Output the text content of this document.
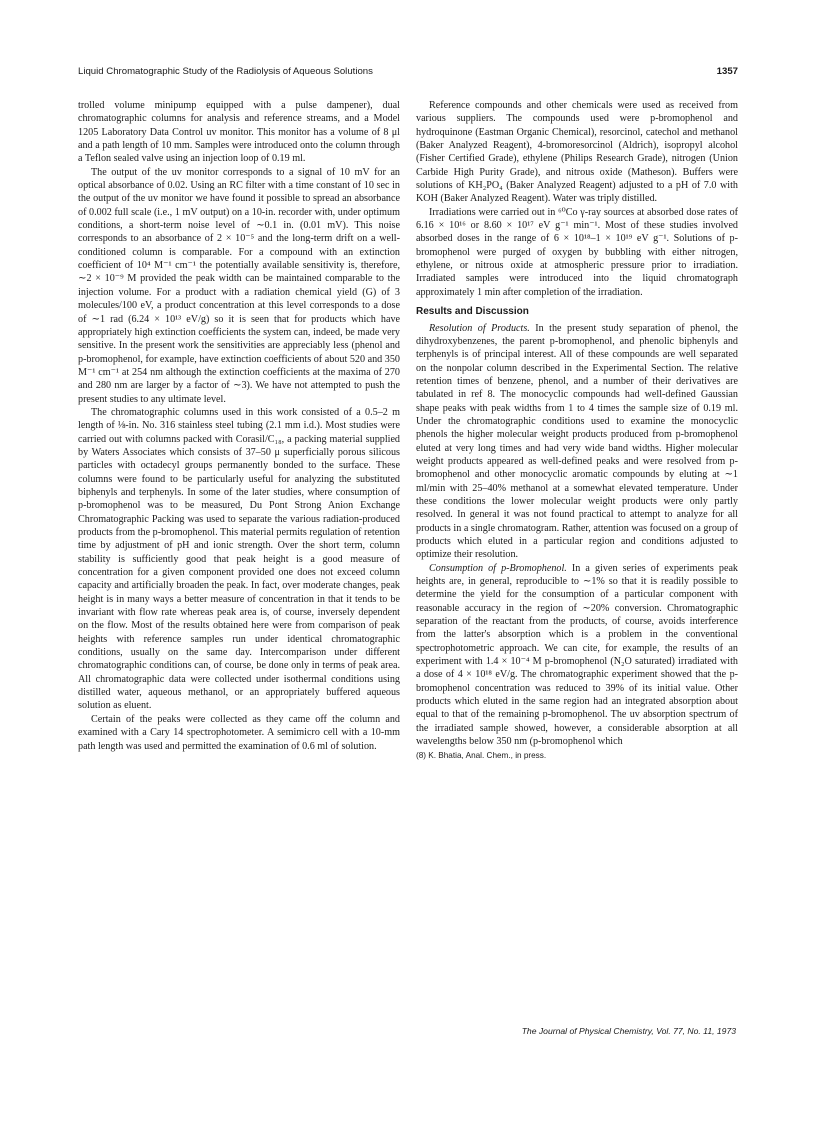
Liquid Chromatographic Study of the Radiolysis of Aqueous Solutions	1357

trolled volume minipump equipped with a pulse dampener), dual chromatographic columns for analysis and reference streams, and a Model 1205 Laboratory Data Control uv monitor. This monitor has a volume of 8 μl and a path length of 10 mm. Samples were introduced onto the column through a Teflon sealed valve using an injection loop of 0.19 ml.

The output of the uv monitor corresponds to a signal of 10 mV for an optical absorbance of 0.02. Using an RC filter with a time constant of 10 sec in the output of the uv monitor we have found it possible to spread an absorbance of 0.002 full scale (i.e., 1 mV output) on a 10-in. recorder with, under optimum conditions, a short-term noise level of ∼0.1 in. (0.01 mV). This noise corresponds to an absorbance of 2 × 10⁻⁵ and the long-term drift on a well-conditioned column is comparable. For a compound with an extinction coefficient of 10⁴ M⁻¹ cm⁻¹ the potentially available sensitivity is, therefore, ∼2 × 10⁻⁹ M provided the peak width can be maintained comparable to the injection volume. For a product with a radiation chemical yield (G) of 3 molecules/100 eV, a product concentration at this level corresponds to a dose of ∼1 rad (6.24 × 10¹³ eV/g) so it is seen that for products which have appropriately high extinction coefficients the system can, indeed, be made very sensitive. In the present work the sensitivities are appreciably less (phenol and p-bromophenol, for example, have extinction coefficients of about 520 and 350 M⁻¹ cm⁻¹ at 254 nm although the extinction coefficients at the maxima of 270 and 280 nm are larger by a factor of ∼3). We have not attempted to push the present studies to any ultimate level.

The chromatographic columns used in this work consisted of a 0.5–2 m length of ⅛-in. No. 316 stainless steel tubing (2.1 mm i.d.). Most studies were carried out with columns packed with Corasil/C₁₈, a packing material supplied by Waters Associates which consists of 37–50 μ superficially porous silicous particles with octadecyl groups permanently bonded to the surface. These columns were found to be particularly useful for analyzing the substituted biphenyls and terphenyls. In some of the later studies, where consumption of p-bromophenol was to be measured, Du Pont Strong Anion Exchange Chromatographic Packing was used to separate the various radiation-produced products from the p-bromophenol. This material permits regulation of retention time by adjustment of pH and ionic strength. Over the short term, column stability is sufficiently good that peak height is a good measure of concentration for a given component provided one does not exceed column capacity and artificially broaden the peak. In fact, over moderate changes, peak height is in many ways a better measure of concentration in that it tends to be invariant with flow rate whereas peak area is, of course, inversely dependent on the flow. Most of the results obtained here were from comparison of peak heights with reference samples run under identical chromatographic conditions, usually on the same day. Intercomparison under different chromatographic conditions can, of course, be done only in terms of peak area. All chromatographic data were collected under isothermal conditions using distilled water, aqueous methanol, or an appropriately buffered aqueous solution as eluent.

Certain of the peaks were collected as they came off the column and examined with a Cary 14 spectrophotometer. A semimicro cell with a 10-mm path length was used and permitted the examination of 0.6 ml of solution.

Reference compounds and other chemicals were used as received from various suppliers. The compounds used were p-bromophenol and hydroquinone (Eastman Organic Chemical), resorcinol, catechol and methanol (Baker Analyzed Reagent), 4-bromoresorcinol (Aldrich), isopropyl alcohol (Fisher Certified Grade), ethylene (Philips Research Grade), nitrogen (Union Carbide High Purity Grade), and nitrous oxide (Matheson). Buffers were solutions of KH₂PO₄ (Baker Analyzed Reagent) adjusted to a pH of 7.0 with KOH (Baker Analyzed Reagent). Water was triply distilled.

Irradiations were carried out in ⁶⁰Co γ-ray sources at absorbed dose rates of 6.16 × 10¹⁶ or 8.60 × 10¹⁷ eV g⁻¹ min⁻¹. Most of these studies involved absorbed doses in the range of 6 × 10¹⁸–1 × 10¹⁹ eV g⁻¹. Solutions of p-bromophenol were purged of oxygen by bubbling with either nitrogen, ethylene, or nitrous oxide at atmospheric pressure prior to irradiation. Irradiated samples were introduced into the liquid chromatograph approximately 1 min after completion of the irradiation.

Results and Discussion

Resolution of Products. In the present study separation of phenol, the dihydroxybenzenes, the parent p-bromophenol, and phenolic biphenyls and terphenyls is of principal interest. All of these compounds are well separated on the nonpolar column described in the Experimental Section. The relative retention times of benzene, phenol, and a number of their derivatives are tabulated in ref 8. The monocyclic compounds had well-defined Gaussian shape peaks with peak widths from 1 to 4 times the sample size of 0.19 ml. Under the chromatographic conditions used to examine the monocyclic phenols the higher molecular weight products produced from p-bromophenol eluted at very long times and had very wide band widths. Higher molecular weight products appeared as well-defined peaks and were resolved from p-bromophenol and other monocyclic aromatic compounds by eluting at ∼1 ml/min with 25–40% methanol at a somewhat elevated temperature. Under these conditions the lower molecular weight products were only partly resolved. In general it was not found practical to attempt to analyze for all products in a single chromatogram. Rather, attention was focused on a group of products which eluted in a particular region and conditions adjusted to optimize their resolution.

Consumption of p-Bromophenol. In a given series of experiments peak heights are, in general, reproducible to ∼1% so that it is readily possible to determine the yield for the consumption of a particular component with reasonable accuracy in the region of ∼20% conversion. Chromatographic separation of the reactant from the products, of course, avoids interference from the latter's absorption which is a problem in the conventional spectrophotometric approach. We can cite, for example, the results of an experiment with 1.4 × 10⁻⁴ M p-bromophenol (N₂O saturated) irradiated with a dose of 4 × 10¹⁸ eV/g. The chromatographic experiment showed that the p-bromophenol concentration was reduced to 39% of its initial value. Other products which eluted in the same region had an integrated absorption about equal to that of the remaining p-bromophenol. The uv absorption spectrum of the irradiated sample showed, however, a considerable absorption at all wavelengths below 350 nm (p-bromophenol which

(8) K. Bhatia, Anal. Chem., in press.

The Journal of Physical Chemistry, Vol. 77, No. 11, 1973
